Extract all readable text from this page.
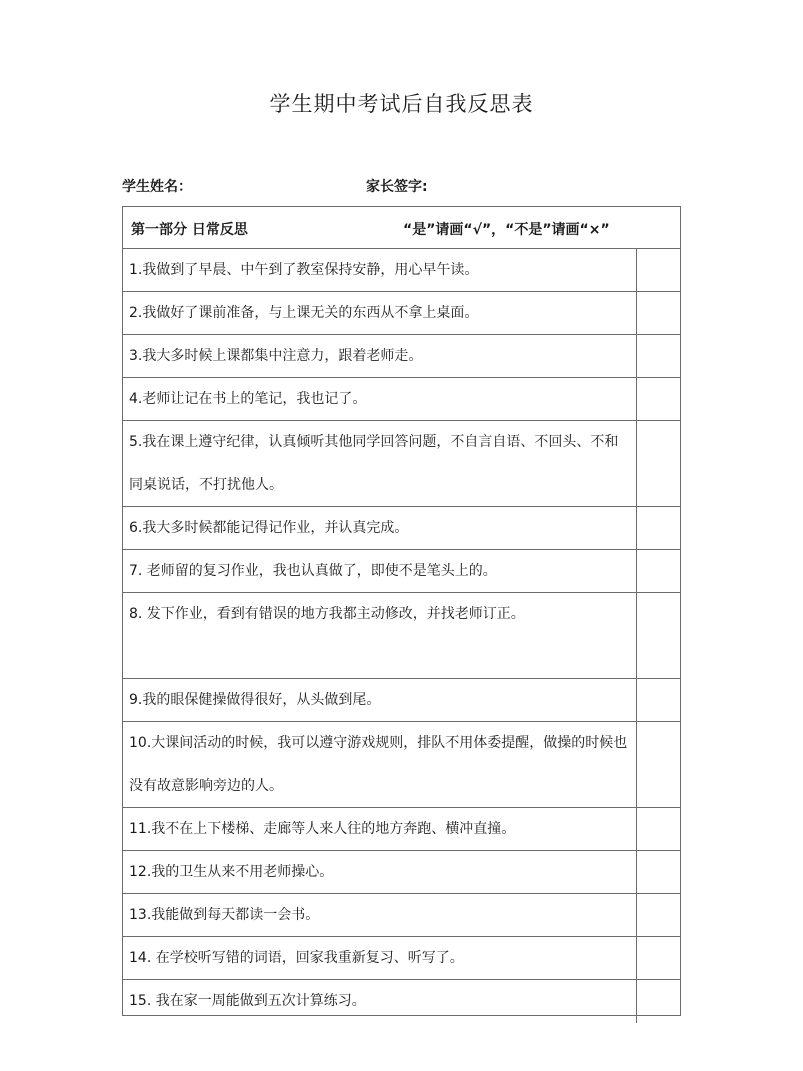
学生期中考试后自我反思表
学生姓名：	家长签字:
第一部分 日常反思	“是”请画“√”，“不是”请画“×”
1.我做到了早晨、中午到了教室保持安静，用心早午读。
2.我做好了课前准备，与上课无关的东西从不拿上桌面。
3.我大多时候上课都集中注意力，跟着老师走。
4.老师让记在书上的笔记，我也记了。
5.我在课上遵守纪律，认真倾听其他同学回答问题，不自言自语、不回头、不和同桌说话，不打扰他人。
6.我大多时候都能记得记作业，并认真完成。
7. 老师留的复习作业，我也认真做了，即使不是笔头上的。
8. 发下作业，看到有错误的地方我都主动修改，并找老师订正。
9.我的眼保健操做得很好，从头做到尾。
10.大课间活动的时候，我可以遵守游戏规则，排队不用体委提醒，做操的时候也没有故意影响旁边的人。
11.我不在上下楼梯、走廊等人来人往的地方奔跑、横冲直撞。
12.我的卫生从来不用老师操心。
13.我能做到每天都读一会书。
14. 在学校听写错的词语，回家我重新复习、听写了。
15. 我在家一周能做到五次计算练习。
